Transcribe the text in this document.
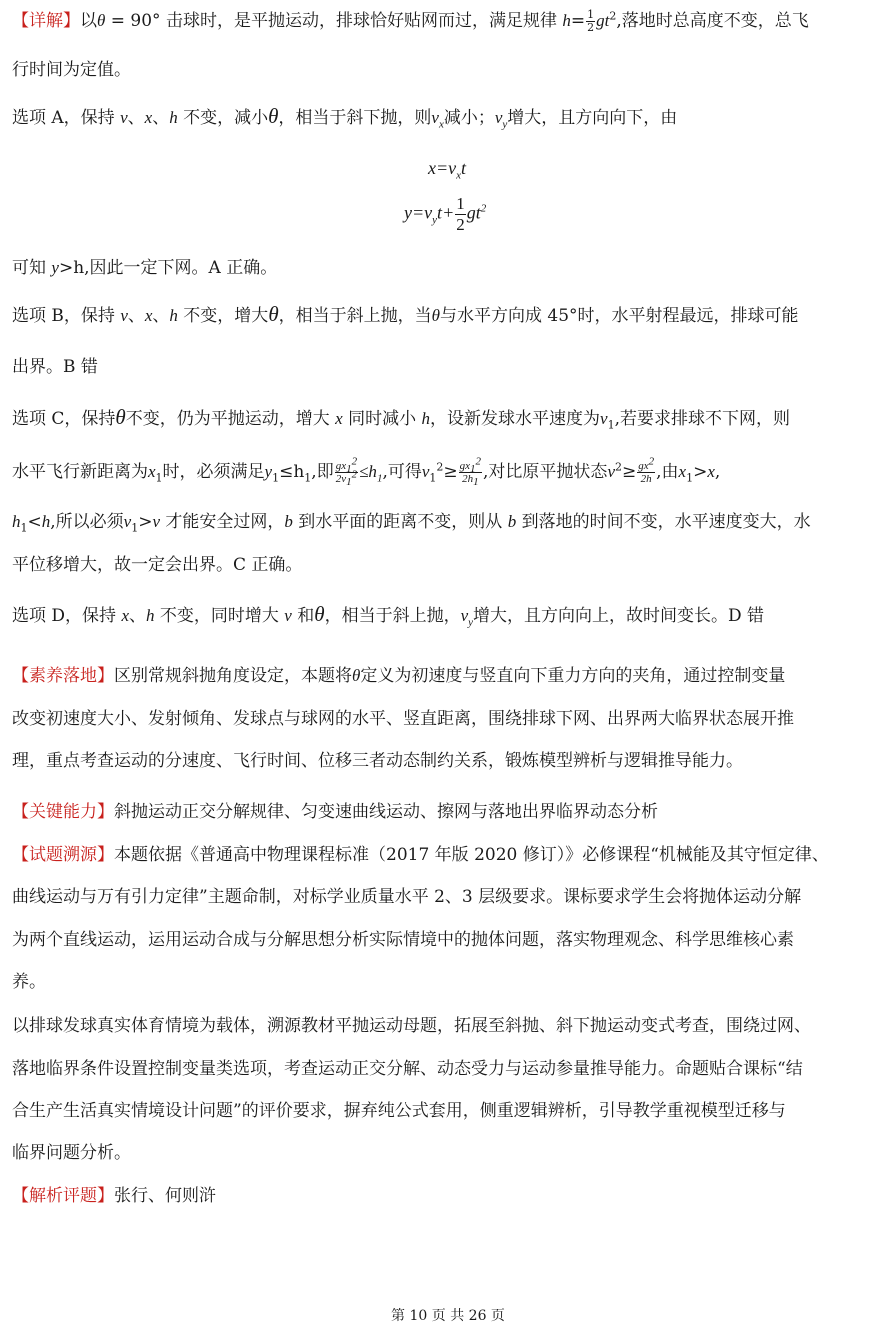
【详解】以θ = 90° 击球时，是平抛运动，排球恰好贴网而过，满足规律 $h= \frac{1}{2} gt^2$,落地时总高度不变，总飞
行时间为定值。
选项 A，保持 v、x、h 不变，减小θ，相当于斜下抛，则$v_x$减小；$v_y$增大，且方向向下，由
$x=v_xt$
$y=v_yt+ \frac{1}{2} gt^2$
可知 y>h,因此一定下网。A 正确。
选项 B，保持 v、x、h 不变，增大θ，相当于斜上抛，当θ与水平方向成 45°时，水平射程最远，排球可能
出界。B 错
选项 C，保持θ不变，仍为平抛运动，增大 x 同时减小 h，设新发球水平速度为$v_1$,若要求排球不下网，则
水平飞行新距离为$x_1$时，必须满足$y_1\le h_1$,即 $\frac{gx_1^2}{2v_1^2} \le h_1$,可得$v_1^2\ge \frac{gx_1^2}{2h_1}$ ,对比原平抛状态$v^2\ge \frac{gx^2}{2h}$ ,由$x_1>x$,
$h_1<h$,所以必须$v_1>v$ 才能安全过网，b 到水平面的距离不变，则从 b 到落地的时间不变，水平速度变大，水
平位移增大，故一定会出界。C 正确。
选项 D，保持 x、h 不变，同时增大 v 和θ，相当于斜上抛，$v_y$增大，且方向向上，故时间变长。D 错
【素养落地】区别常规斜抛角度设定，本题将θ定义为初速度与竖直向下重力方向的夹角，通过控制变量
改变初速度大小、发射倾角、发球点与球网的水平、竖直距离，围绕排球下网、出界两大临界状态展开推
理，重点考查运动的分速度、飞行时间、位移三者动态制约关系，锻炼模型辨析与逻辑推导能力。
【关键能力】斜抛运动正交分解规律、匀变速曲线运动、擦网与落地出界临界动态分析
【试题溯源】本题依据《普通高中物理课程标准（2017 年版 2020 修订）》必修课程“机械能及其守恒定律、
曲线运动与万有引力定律”主题命制，对标学业质量水平 2、3 层级要求。课标要求学生会将抛体运动分解
为两个直线运动，运用运动合成与分解思想分析实际情境中的抛体问题，落实物理观念、科学思维核心素
养。
以排球发球真实体育情境为载体，溯源教材平抛运动母题，拓展至斜抛、斜下抛运动变式考查，围绕过网、
落地临界条件设置控制变量类选项，考查运动正交分解、动态受力与运动参量推导能力。命题贴合课标“结
合生产生活真实情境设计问题”的评价要求，摒弃纯公式套用，侧重逻辑辨析，引导教学重视模型迁移与
临界问题分析。
【解析评题】张行、何则浒
第 10 页 共 26 页
